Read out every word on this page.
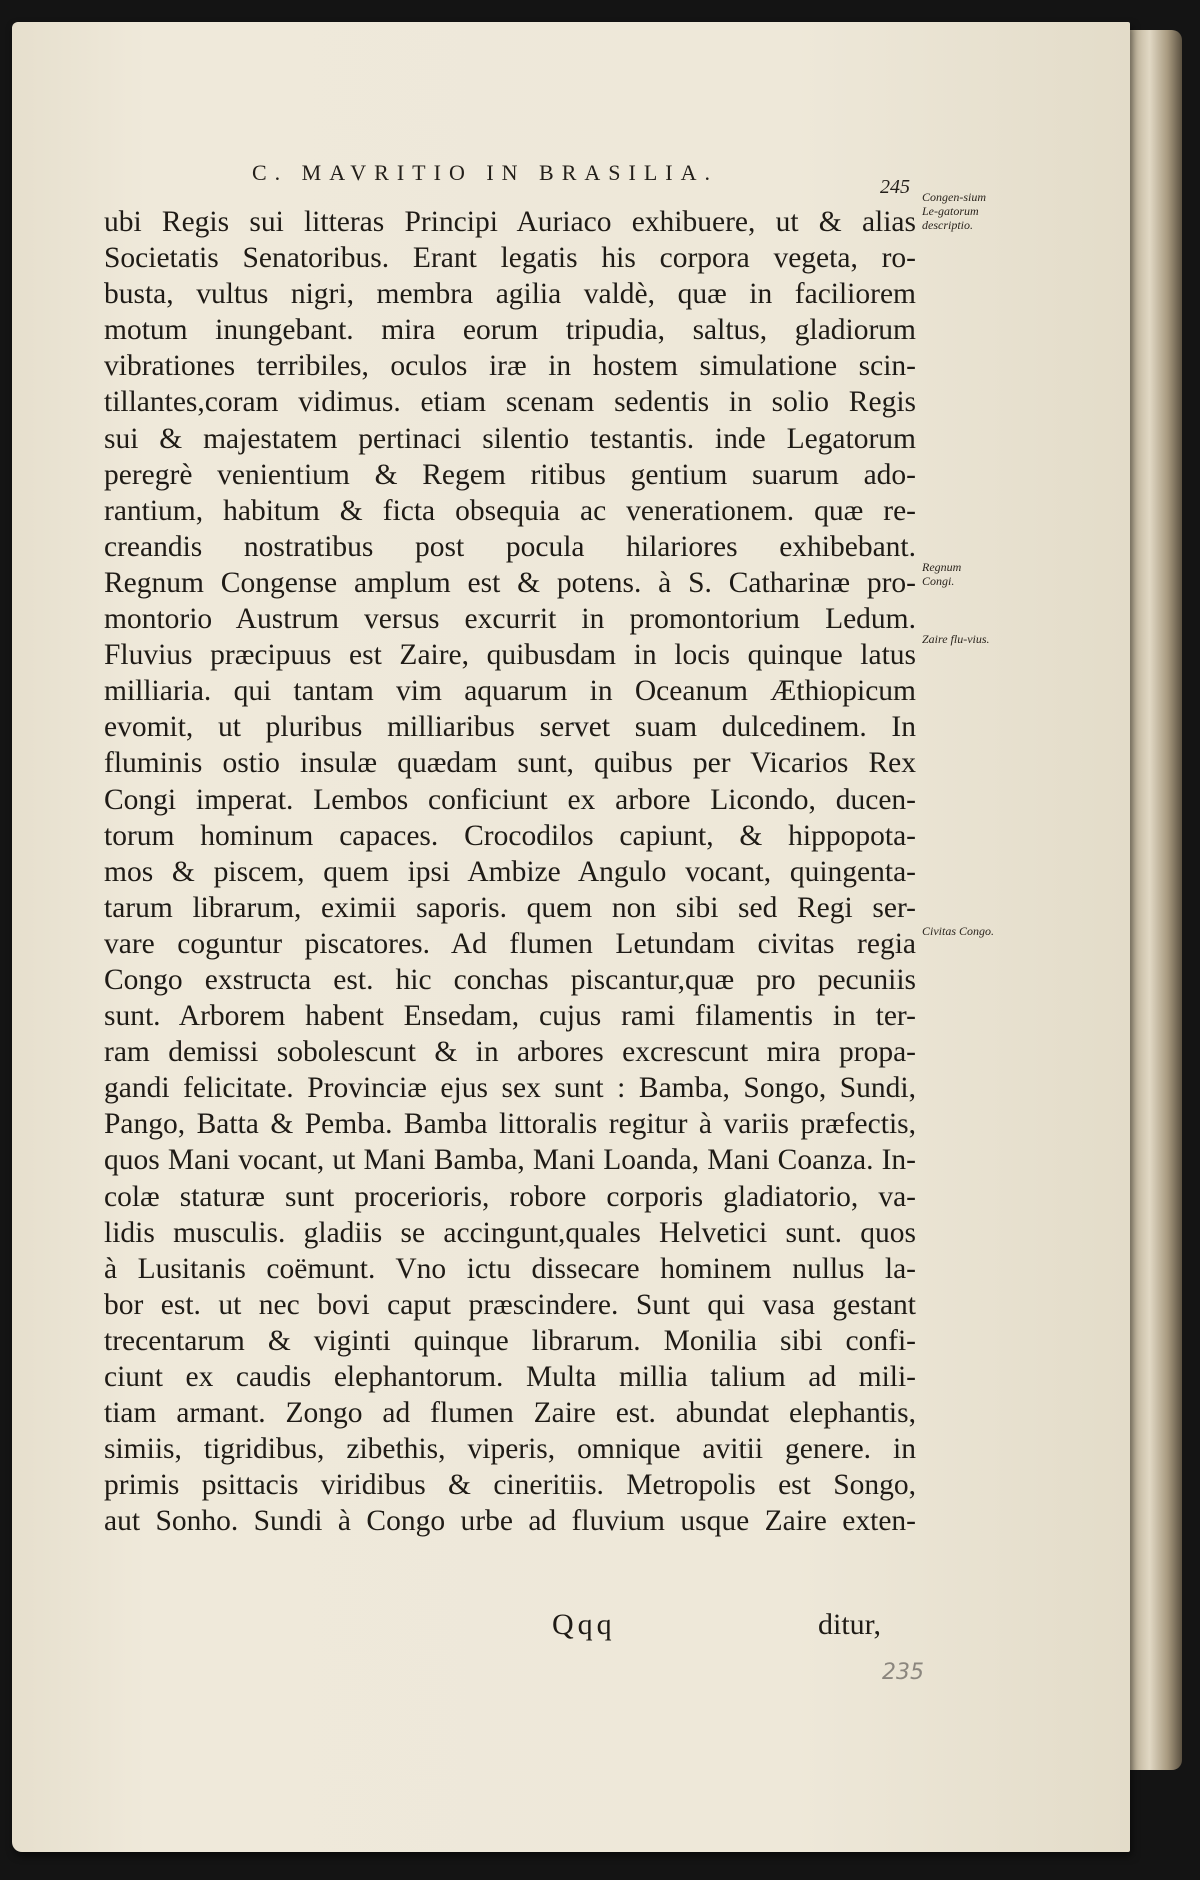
C. MAVRITIO IN BRASILIA.
245
ubi Regis sui litteras Principi Auriaco exhibuere, ut & alias
Societatis Senatoribus. Erant legatis his corpora vegeta, ro-
busta, vultus nigri, membra agilia valdè, quæ in faciliorem
motum inungebant. mira eorum tripudia, saltus, gladiorum
vibrationes terribiles, oculos iræ in hostem simulatione scin-
tillantes,coram vidimus. etiam scenam sedentis in solio Regis
sui & majestatem pertinaci silentio testantis. inde Legatorum
peregrè venientium & Regem ritibus gentium suarum ado-
rantium, habitum & ficta obsequia ac venerationem. quæ re-
creandis nostratibus post pocula hilariores exhibebant.
Regnum Congense amplum est & potens. à S. Catharinæ pro-
montorio Austrum versus excurrit in promontorium Ledum.
Fluvius præcipuus est Zaire, quibusdam in locis quinque latus
milliaria. qui tantam vim aquarum in Oceanum Æthiopicum
evomit, ut pluribus milliaribus servet suam dulcedinem. In
fluminis ostio insulæ quædam sunt, quibus per Vicarios Rex
Congi imperat. Lembos conficiunt ex arbore Licondo, ducen-
torum hominum capaces. Crocodilos capiunt, & hippopota-
mos & piscem, quem ipsi Ambize Angulo vocant, quingenta-
tarum librarum, eximii saporis. quem non sibi sed Regi ser-
vare coguntur piscatores. Ad flumen Letundam civitas regia
Congo exstructa est. hic conchas piscantur,quæ pro pecuniis
sunt. Arborem habent Ensedam, cujus rami filamentis in ter-
ram demissi sobolescunt & in arbores excrescunt mira propa-
gandi felicitate. Provinciæ ejus sex sunt : Bamba, Songo, Sundi,
Pango, Batta & Pemba. Bamba littoralis regitur à variis præfectis,
quos Mani vocant, ut Mani Bamba, Mani Loanda, Mani Coanza. In-
colæ staturæ sunt procerioris, robore corporis gladiatorio, va-
lidis musculis. gladiis se accingunt,quales Helvetici sunt. quos
à Lusitanis coëmunt. Vno ictu dissecare hominem nullus la-
bor est. ut nec bovi caput præscindere. Sunt qui vasa gestant
trecentarum & viginti quinque librarum. Monilia sibi confi-
ciunt ex caudis elephantorum. Multa millia talium ad mili-
tiam armant. Zongo ad flumen Zaire est. abundat elephantis,
simiis, tigridibus, zibethis, viperis, omnique avitii genere. in
primis psittacis viridibus & cineritiis. Metropolis est Songo,
aut Sonho. Sundi à Congo urbe ad fluvium usque Zaire exten-
Congen-sium Le-gatorum descriptio.
Regnum Congi.
Zaire flu-vius.
Civitas Congo.
Qqq	ditur,
235
